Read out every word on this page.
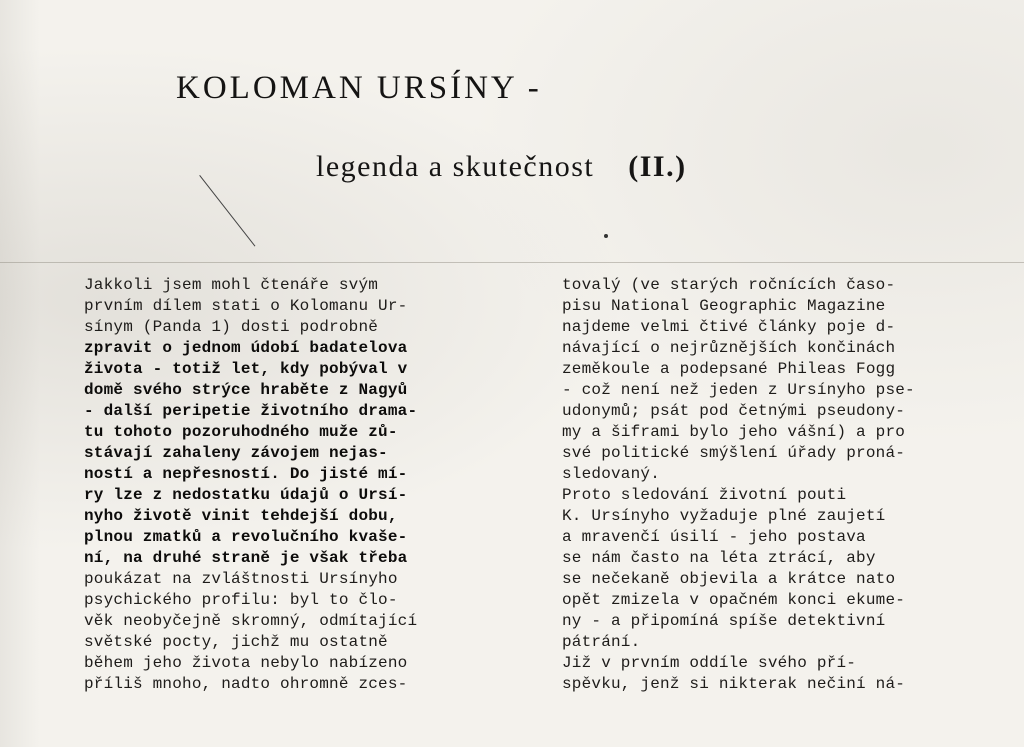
KOLOMAN URSÍNY -
legenda a skutečnost (II.)
Jakkoli jsem mohl čtenáře svým
prvním dílem stati o Kolomanu Ur-
sínym (Panda 1) dosti podrobně
zpravit o jednom údobí badatelova
života - totiž let, kdy pobýval v
domě svého strýce hraběte z Nagyů
- další peripetie životního drama-
tu tohoto pozoruhodného muže zů-
stávají zahaleny závojem nejas-
ností a nepřesností. Do jisté mí-
ry lze z nedostatku údajů o Ursí-
nyho životě vinit tehdejší dobu,
plnou zmatků a revolučního kvaše-
ní, na druhé straně je však třeba
poukázat na zvláštnosti Ursínyho
psychického profilu: byl to člo-
věk neobyčejně skromný, odmítající
světské pocty, jichž mu ostatně
během jeho života nebylo nabízeno
příliš mnoho, nadto ohromně zces-
tovalý (ve starých ročnících časo-
pisu National Geographic Magazine
najdeme velmi čtivé články poje d-
návající o nejrůznějších končinách
zeměkoule a podepsané Phileas Fogg
- což není než jeden z Ursínyho pse-
udonymů; psát pod četnými pseudony-
my a šiframi bylo jeho vášní) a pro
své politické smýšlení úřady proná-
sledovaný.
Proto sledování životní pouti
K. Ursínyho vyžaduje plné zaujetí
a mravenčí úsilí - jeho postava
se nám často na léta ztrácí, aby
se nečekaně objevila a krátce nato
opět zmizela v opačném konci ekume-
ny - a připomíná spíše detektivní
pátrání.
Již v prvním oddíle svého pří-
spěvku, jenž si nikterak nečiní ná-
